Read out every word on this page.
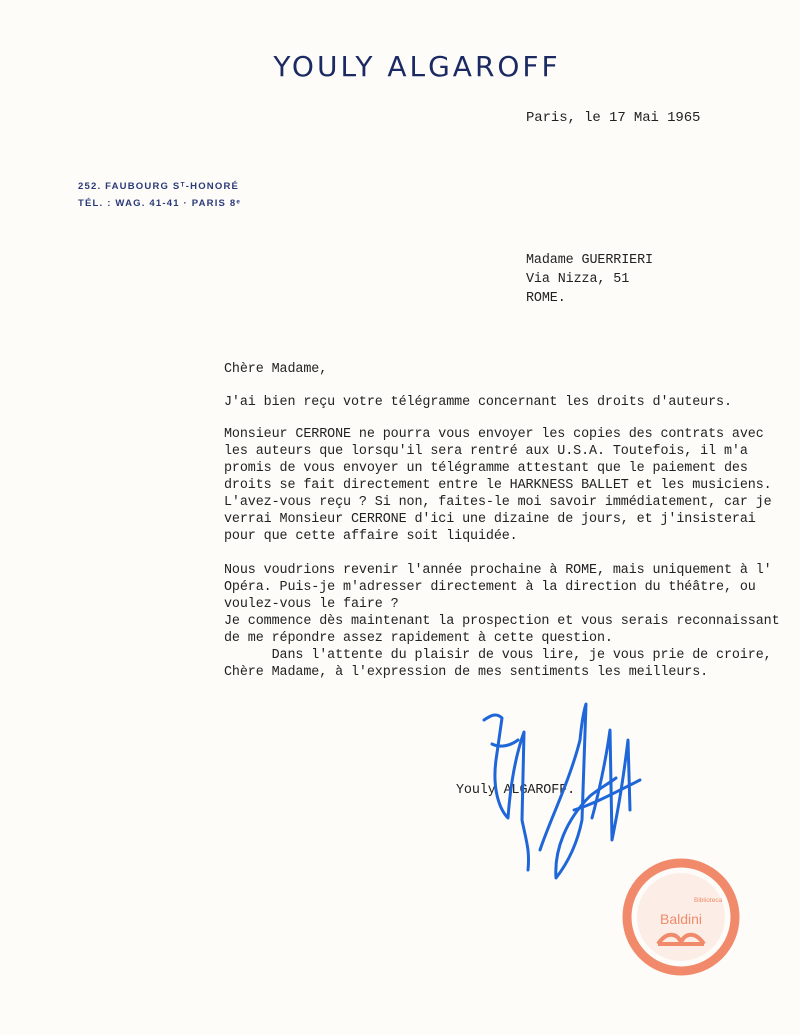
YOULY ALGAROFF
252. FAUBOURG Sᵀ-HONORÉ
TÉL. : WAG. 41-41 · PARIS 8ᵉ
Paris, le 17 Mai 1965
Madame GUERRIERI
Via Nizza, 51
ROME.
Chère Madame,
J'ai bien reçu votre télégramme concernant les droits d'auteurs.
Monsieur CERRONE ne pourra vous envoyer les copies des contrats avec
les auteurs que lorsqu'il sera rentré aux U.S.A. Toutefois, il m'a
promis de vous envoyer un télégramme attestant que le paiement des
droits se fait directement entre le HARKNESS BALLET et les musiciens.
L'avez-vous reçu ? Si non, faites-le moi savoir immédiatement, car je
verrai Monsieur CERRONE d'ici une dizaine de jours, et j'insisterai
pour que cette affaire soit liquidée.
Nous voudrions revenir l'année prochaine à ROME, mais uniquement à l'
Opéra. Puis-je m'adresser directement à la direction du théâtre, ou
voulez-vous le faire ?
Je commence dès maintenant la prospection et vous serais reconnaissant
de me répondre assez rapidement à cette question.
Dans l'attente du plaisir de vous lire, je vous prie de croire,
Chère Madame, à l'expression de mes sentiments les meilleurs.
Youly ALGAROFF.
Biblioteca
Baldini
